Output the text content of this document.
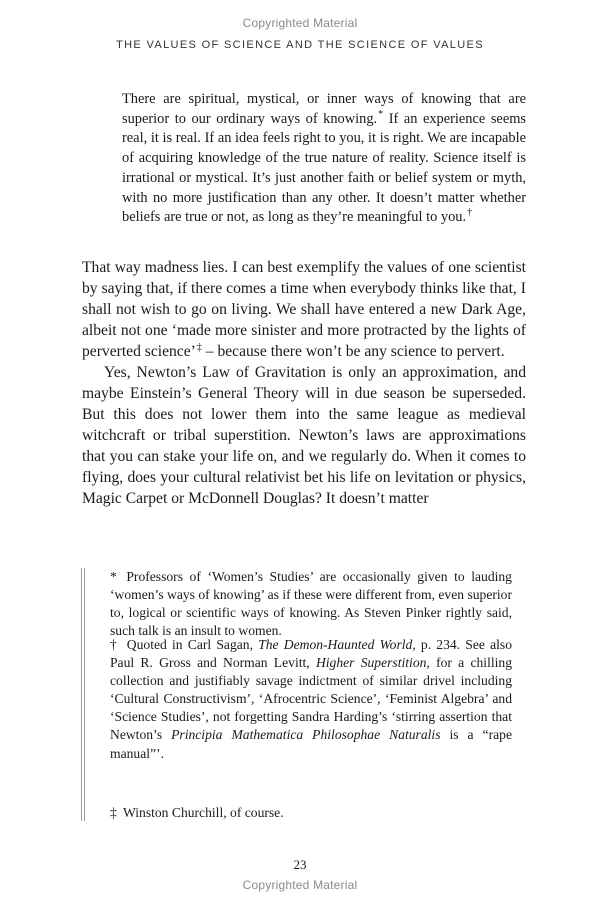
Copyrighted Material
THE VALUES OF SCIENCE AND THE SCIENCE OF VALUES

There are spiritual, mystical, or inner ways of knowing that are superior to our ordinary ways of knowing.* If an experience seems real, it is real. If an idea feels right to you, it is right. We are incapable of acquiring knowledge of the true nature of reality. Science itself is irrational or mystical. It’s just another faith or belief system or myth, with no more justification than any other. It doesn’t matter whether beliefs are true or not, as long as they’re meaningful to you.†

That way madness lies. I can best exemplify the values of one scientist by saying that, if there comes a time when everybody thinks like that, I shall not wish to go on living. We shall have entered a new Dark Age, albeit not one ‘made more sinister and more protracted by the lights of perverted science’‡ – because there won’t be any science to pervert.

Yes, Newton’s Law of Gravitation is only an approximation, and maybe Einstein’s General Theory will in due season be superseded. But this does not lower them into the same league as medieval witchcraft or tribal superstition. Newton’s laws are approximations that you can stake your life on, and we regularly do. When it comes to flying, does your cultural relativist bet his life on levitation or physics, Magic Carpet or McDonnell Douglas? It doesn’t matter

* Professors of ‘Women’s Studies’ are occasionally given to lauding ‘women’s ways of knowing’ as if these were different from, even superior to, logical or scientific ways of knowing. As Steven Pinker rightly said, such talk is an insult to women.

† Quoted in Carl Sagan, The Demon-Haunted World, p. 234. See also Paul R. Gross and Norman Levitt, Higher Superstition, for a chilling collection and justifiably savage indictment of similar drivel including ‘Cultural Constructivism’, ‘Afrocentric Science’, ‘Feminist Algebra’ and ‘Science Studies’, not forgetting Sandra Harding’s ‘stirring assertion that Newton’s Principia Mathematica Philosophae Naturalis is a “rape manual”’.

‡ Winston Churchill, of course.

23
Copyrighted Material
